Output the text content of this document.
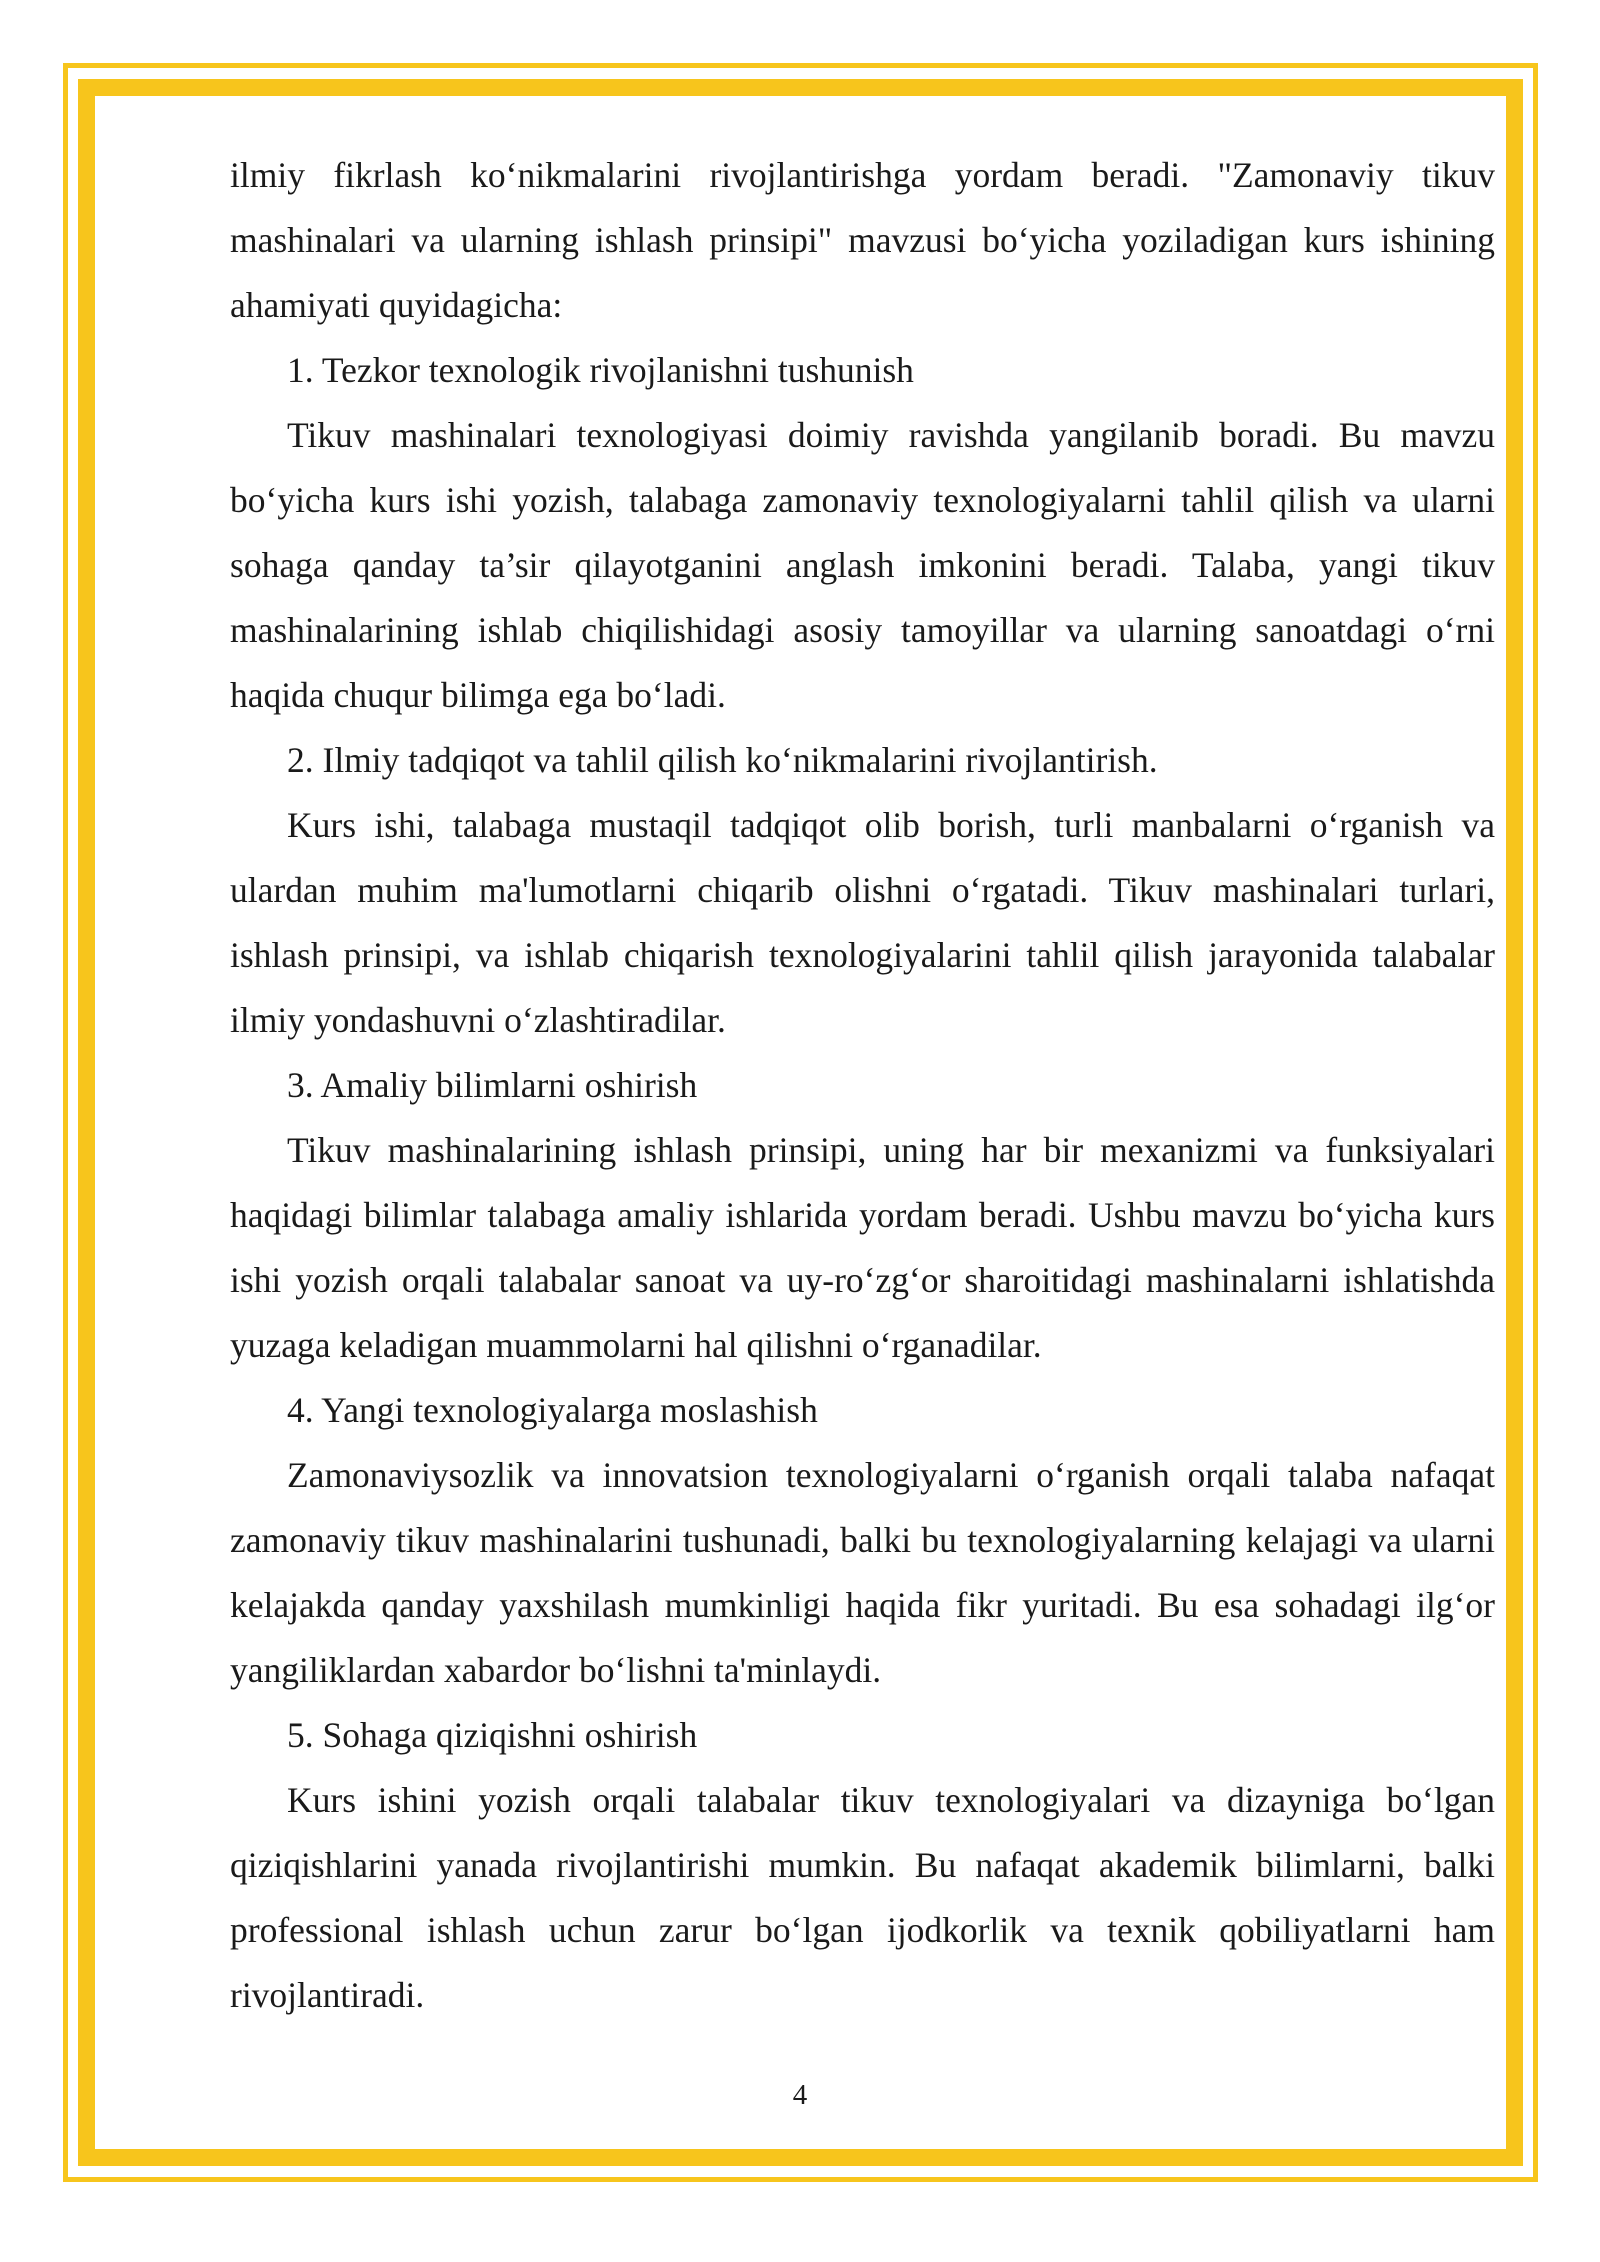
ilmiy fikrlash ko‘nikmalarini rivojlantirishga yordam beradi. "Zamonaviy tikuv mashinalari va ularning ishlash prinsipi" mavzusi bo‘yicha yoziladigan kurs ishining ahamiyati quyidagicha:

1. Tezkor texnologik rivojlanishni tushunish

Tikuv mashinalari texnologiyasi doimiy ravishda yangilanib boradi. Bu mavzu bo‘yicha kurs ishi yozish, talabaga zamonaviy texnologiyalarni tahlil qilish va ularni sohaga qanday ta’sir qilayotganini anglash imkonini beradi. Talaba, yangi tikuv mashinalarining ishlab chiqilishidagi asosiy tamoyillar va ularning sanoatdagi o‘rni haqida chuqur bilimga ega bo‘ladi.

2. Ilmiy tadqiqot va tahlil qilish ko‘nikmalarini rivojlantirish.

Kurs ishi, talabaga mustaqil tadqiqot olib borish, turli manbalarni o‘rganish va ulardan muhim ma'lumotlarni chiqarib olishni o‘rgatadi. Tikuv mashinalari turlari, ishlash prinsipi, va ishlab chiqarish texnologiyalarini tahlil qilish jarayonida talabalar ilmiy yondashuvni o‘zlashtiradilar.

3. Amaliy bilimlarni oshirish

Tikuv mashinalarining ishlash prinsipi, uning har bir mexanizmi va funksiyalari haqidagi bilimlar talabaga amaliy ishlarida yordam beradi. Ushbu mavzu bo‘yicha kurs ishi yozish orqali talabalar sanoat va uy-ro‘zg‘or sharoitidagi mashinalarni ishlatishda yuzaga keladigan muammolarni hal qilishni o‘rganadilar.

4. Yangi texnologiyalarga moslashish

Zamonaviysozlik va innovatsion texnologiyalarni o‘rganish orqali talaba nafaqat zamonaviy tikuv mashinalarini tushunadi, balki bu texnologiyalarning kelajagi va ularni kelajakda qanday yaxshilash mumkinligi haqida fikr yuritadi. Bu esa sohadagi ilg‘or yangiliklardan xabardor bo‘lishni ta'minlaydi.

5. Sohaga qiziqishni oshirish

Kurs ishini yozish orqali talabalar tikuv texnologiyalari va dizayniga bo‘lgan qiziqishlarini yanada rivojlantirishi mumkin. Bu nafaqat akademik bilimlarni, balki professional ishlash uchun zarur bo‘lgan ijodkorlik va texnik qobiliyatlarni ham rivojlantiradi.

4
